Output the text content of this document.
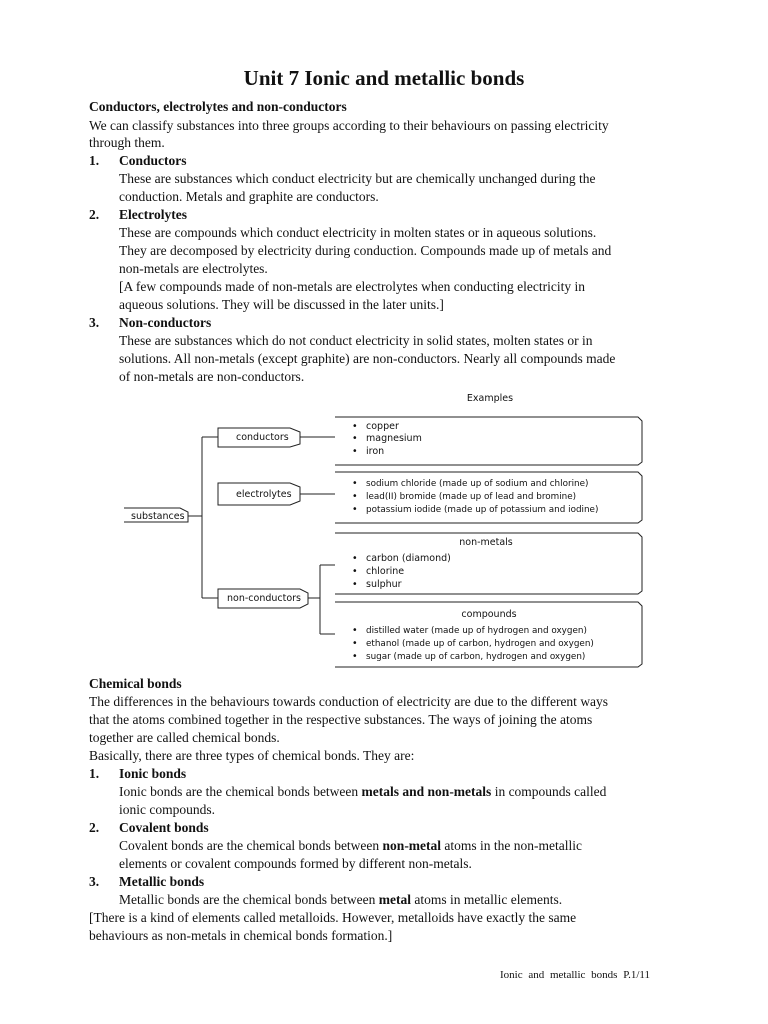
Unit 7 Ionic and metallic bonds

Conductors, electrolytes and non-conductors

We can classify substances into three groups according to their behaviours on passing electricity

through them.

1. Conductors

These are substances which conduct electricity but are chemically unchanged during the

conduction. Metals and graphite are conductors.

2. Electrolytes

These are compounds which conduct electricity in molten states or in aqueous solutions.

They are decomposed by electricity during conduction. Compounds made up of metals and

non-metals are electrolytes.

[A few compounds made of non-metals are electrolytes when conducting electricity in

aqueous solutions. They will be discussed in the later units.]

3. Non-conductors

These are substances which do not conduct electricity in solid states, molten states or in

solutions. All non-metals (except graphite) are non-conductors. Nearly all compounds made

of non-metals are non-conductors.

Examples
substances
conductors
electrolytes
non-conductors
• copper
• magnesium
• iron
• sodium chloride (made up of sodium and chlorine)
• lead(II) bromide (made up of lead and bromine)
• potassium iodide (made up of potassium and iodine)
non-metals
• carbon (diamond)
• chlorine
• sulphur
compounds
• distilled water (made up of hydrogen and oxygen)
• ethanol (made up of carbon, hydrogen and oxygen)
• sugar (made up of carbon, hydrogen and oxygen)

Chemical bonds

The differences in the behaviours towards conduction of electricity are due to the different ways

that the atoms combined together in the respective substances. The ways of joining the atoms

together are called chemical bonds.

Basically, there are three types of chemical bonds. They are:

1. Ionic bonds

Ionic bonds are the chemical bonds between metals and non-metals in compounds called

ionic compounds.

2. Covalent bonds

Covalent bonds are the chemical bonds between non-metal atoms in the non-metallic

elements or covalent compounds formed by different non-metals.

3. Metallic bonds

Metallic bonds are the chemical bonds between metal atoms in metallic elements.

[There is a kind of elements called metalloids. However, metalloids have exactly the same

behaviours as non-metals in chemical bonds formation.]

Ionic and metallic bonds P.1/11
